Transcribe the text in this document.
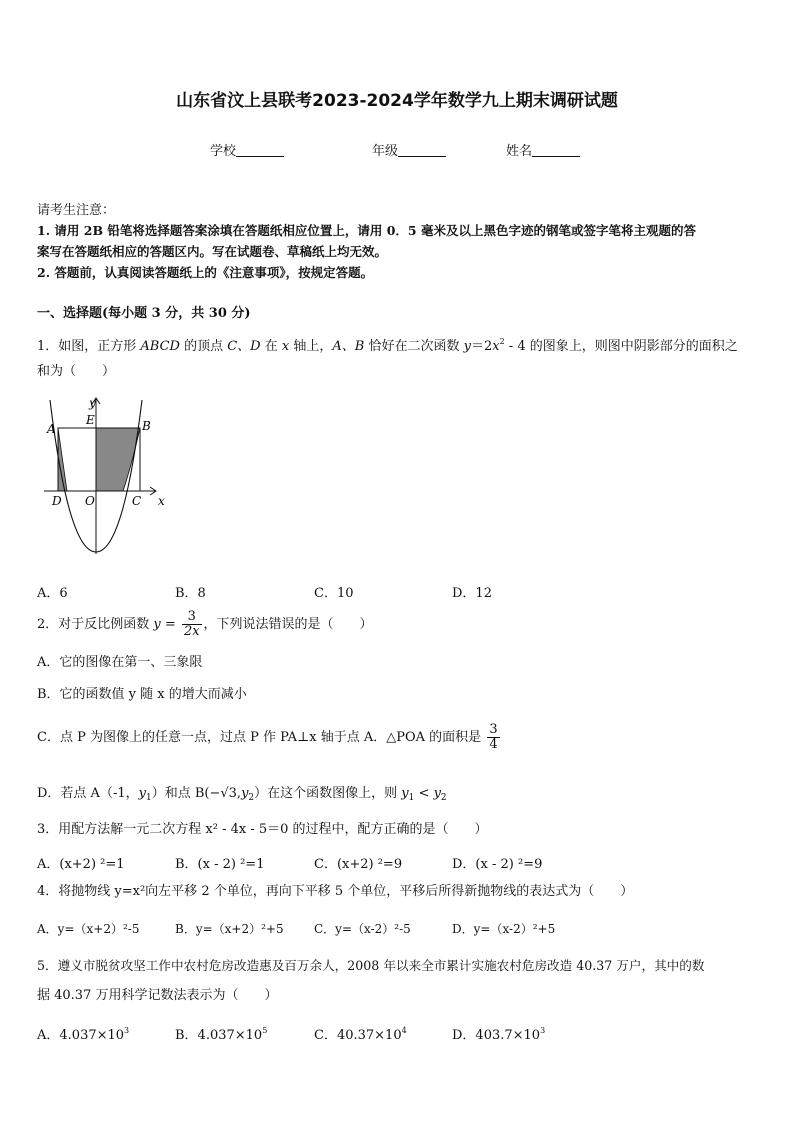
山东省汶上县联考2023-2024学年数学九上期末调研试题
学校	年级	姓名
请考生注意：
1. 请用 2B 铅笔将选择题答案涂填在答题纸相应位置上，请用 0．5 毫米及以上黑色字迹的钢笔或签字笔将主观题的答
案写在答题纸相应的答题区内。写在试题卷、草稿纸上均无效。
2. 答题前，认真阅读答题纸上的《注意事项》，按规定答题。
一、选择题(每小题 3 分，共 30 分)
1．如图，正方形 ABCD 的顶点 C、D 在 x 轴上，A、B 恰好在二次函数 $y=2x^2 - 4$ 的图象上，则图中阴影部分的面积之
和为（　　）
y
x
A
E	B
D O	C
A．6	B．8	C．10	D．12
2．对于反比例函数 $y = \frac{3}{2x}$ ，下列说法错误的是（　　）
A．它的图像在第一、三象限
B．它的函数值 y 随 x 的增大而减小
C．点 P 为图像上的任意一点，过点 P 作 PA⊥x 轴于点 A．△POA 的面积是 $\frac{3}{4}$
D．若点 A（-1，$y_1$）和点 $B(-√3,y_2)$在这个函数图像上，则 $y_1 < y_2$
3．用配方法解一元二次方程 x² - 4x - 5＝0 的过程中，配方正确的是（　　）
A．(x+2) ²=1	B．(x - 2) ²=1	C．(x+2) ²=9	D．(x - 2) ²=9
4．将抛物线 y=x²向左平移 2 个单位，再向下平移 5 个单位，平移后所得新抛物线的表达式为（　　）
A．y=（x+2）²-5	B．y=（x+2）²+5	C．y=（x-2）²-5	D．y=（x-2）²+5
5．遵义市脱贫攻坚工作中农村危房改造惠及百万余人，2008 年以来全市累计实施农村危房改造 40.37 万户，其中的数
据 40.37 万用科学记数法表示为（　　）
A．$4.037\times 10^3$	B．$4.037\times 10^5$	C．$40.37\times 10^4$	D．$403.7\times 10^3$
